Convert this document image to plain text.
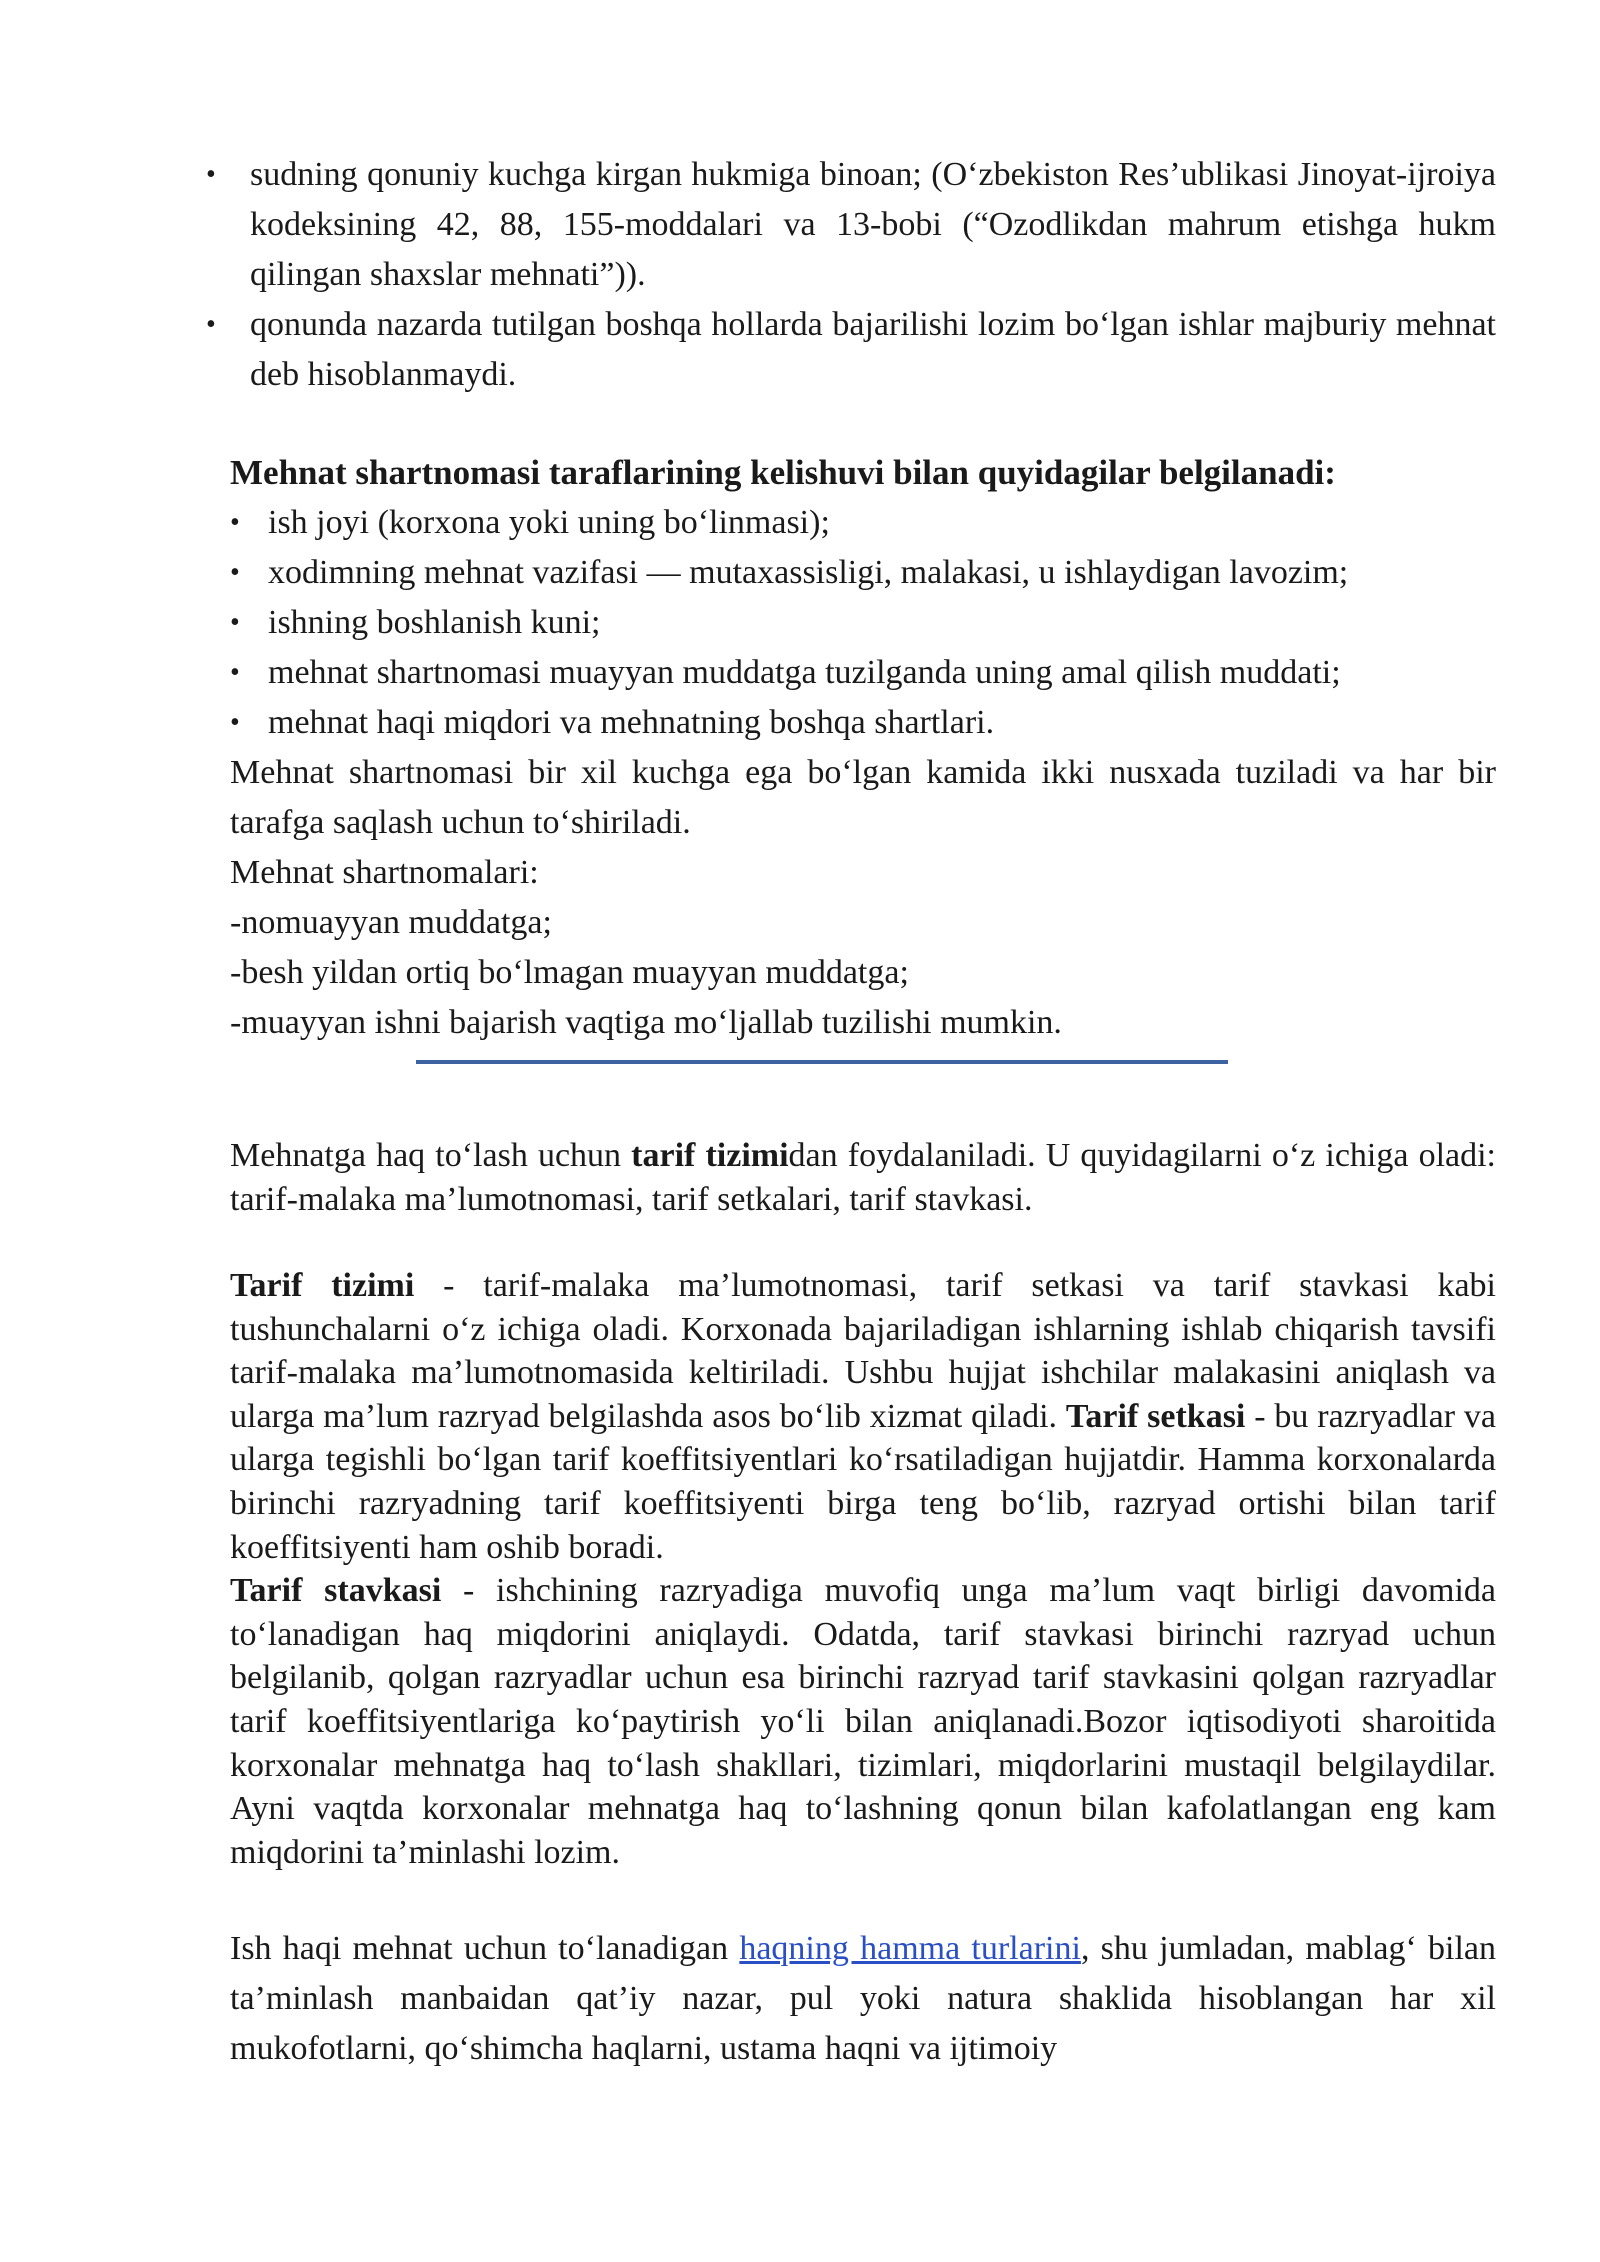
• sudning qonuniy kuchga kirgan hukmiga binoan; (O‘zbekiston Res’ublikasi Jinoyat-ijroiya kodeksining 42, 88, 155-moddalari va 13-bobi (“Ozodlikdan mahrum etishga hukm qilingan shaxslar mehnati”)).
• qonunda nazarda tutilgan boshqa hollarda bajarilishi lozim bo‘lgan ishlar majburiy mehnat deb hisoblanmaydi.
Mehnat shartnomasi taraflarining kelishuvi bilan quyidagilar belgilanadi:
• ish joyi (korxona yoki uning bo‘linmasi);
• xodimning mehnat vazifasi — mutaxassisligi, malakasi, u ishlaydigan lavozim;
• ishning boshlanish kuni;
• mehnat shartnomasi muayyan muddatga tuzilganda uning amal qilish muddati;
• mehnat haqi miqdori va mehnatning boshqa shartlari.

Mehnat shartnomasi bir xil kuchga ega bo‘lgan kamida ikki nusxada tuziladi va har bir tarafga saqlash uchun to‘shiriladi.

Mehnat shartnomalari:

-nomuayyan muddatga;

-besh yildan ortiq bo‘lmagan muayyan muddatga;

-muayyan ishni bajarish vaqtiga mo‘ljallab tuzilishi mumkin.

Mehnatga haq to‘lash uchun tarif tizimidan foydalaniladi. U quyidagilarni o‘z ichiga oladi: tarif-malaka ma’lumotnomasi, tarif setkalari, tarif stavkasi.

Tarif tizimi - tarif-malaka ma’lumotnomasi, tarif setkasi va tarif stavkasi kabi tushunchalarni o‘z ichiga oladi. Korxonada bajariladigan ishlarning ishlab chiqarish tavsifi tarif-malaka ma’lumotnomasida keltiriladi. Ushbu hujjat ishchilar malakasini aniqlash va ularga ma’lum razryad belgilashda asos bo‘lib xizmat qiladi. Tarif setkasi - bu razryadlar va ularga tegishli bo‘lgan tarif koeffitsiyentlari ko‘rsatiladigan hujjatdir. Hamma korxonalarda birinchi razryadning tarif koeffitsiyenti birga teng bo‘lib, razryad ortishi bilan tarif koeffitsiyenti ham oshib boradi.

Tarif stavkasi - ishchining razryadiga muvofiq unga ma’lum vaqt birligi davomida to‘lanadigan haq miqdorini aniqlaydi. Odatda, tarif stavkasi birinchi razryad uchun belgilanib, qolgan razryadlar uchun esa birinchi razryad tarif stavkasini qolgan razryadlar tarif koeffitsiyentlariga ko‘paytirish yo‘li bilan aniqlanadi.Bozor iqtisodiyoti sharoitida korxonalar mehnatga haq to‘lash shakllari, tizimlari, miqdorlarini mustaqil belgilaydilar. Ayni vaqtda korxonalar mehnatga haq to‘lashning qonun bilan kafolatlangan eng kam miqdorini ta’minlashi lozim.

Ish haqi mehnat uchun to‘lanadigan haqning hamma turlarini, shu jumladan, mablag‘ bilan ta’minlash manbaidan qat’iy nazar, pul yoki natura shaklida hisoblangan har xil mukofotlarni, qo‘shimcha haqlarni, ustama haqni va ijtimoiy
